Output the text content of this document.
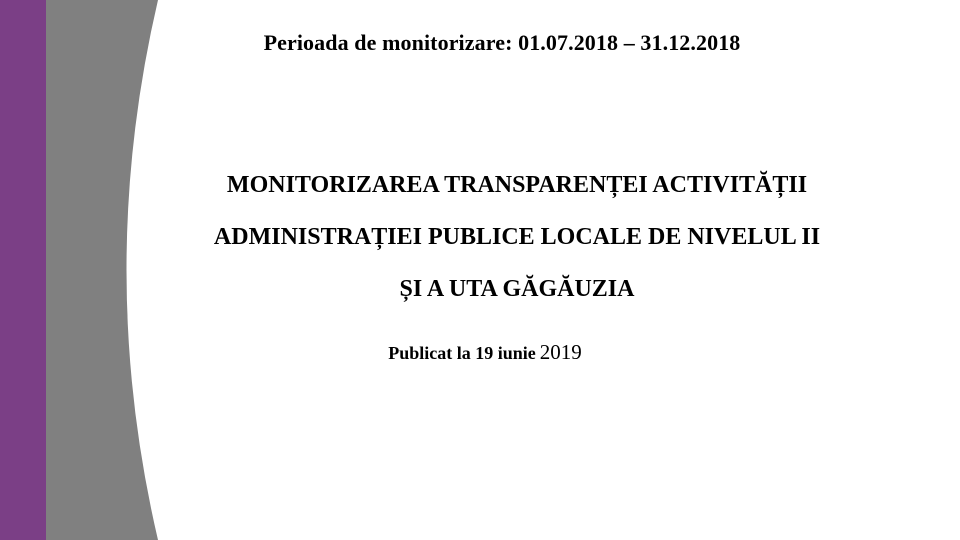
Perioada de monitorizare: 01.07.2018 – 31.12.2018
MONITORIZAREA TRANSPARENȚEI ACTIVITĂȚII
ADMINISTRAȚIEI PUBLICE LOCALE DE NIVELUL II
ȘI A UTA GĂGĂUZIA
Publicat la 19 iunie 2019
